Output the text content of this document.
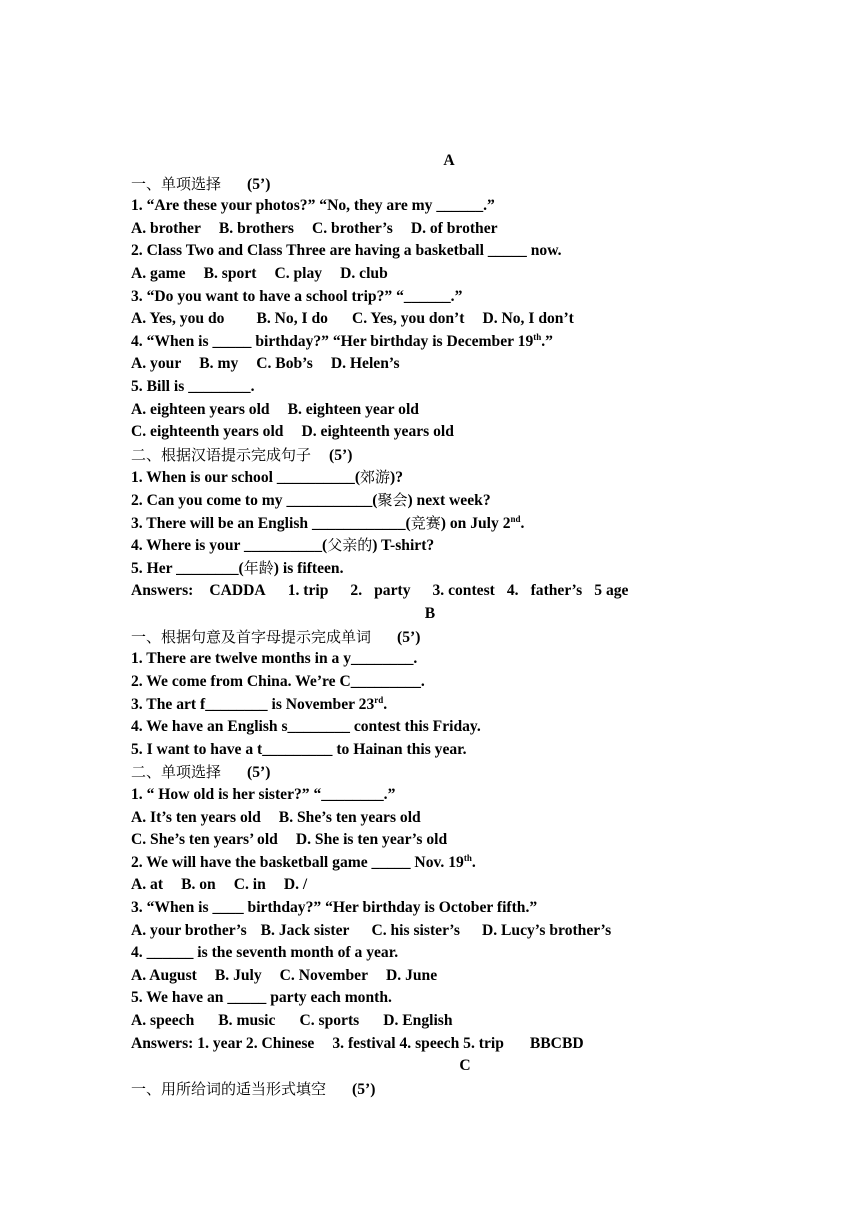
A
一、单项选择 (5’)
1. “Are these your photos?” “No, they are my ______.”
A. brother B. brothers C. brother’s D. of brother
2. Class Two and Class Three are having a basketball _____ now.
A. game B. sport C. play D. club
3. “Do you want to have a school trip?” “______.”
A. Yes, you do B. No, I do C. Yes, you don’t D. No, I don’t
4. “When is _____ birthday?” “Her birthday is December 19th.”
A. your B. my C. Bob’s D. Helen’s
5. Bill is ________.
A. eighteen years old B. eighteen year old
C. eighteenth years old D. eighteenth years old
二、根据汉语提示完成句子 (5’)
1. When is our school __________(郊游)?
2. Can you come to my ___________(聚会) next week?
3. There will be an English ____________(竞赛) on July 2nd.
4. Where is your __________(父亲的) T-shirt?
5. Her ________(年龄) is fifteen.
Answers: CADDA 1. trip 2. party 3. contest 4. father’s 5 age
B
一、根据句意及首字母提示完成单词 (5’)
1. There are twelve months in a y________.
2. We come from China. We’re C_________.
3. The art f________ is November 23rd.
4. We have an English s________ contest this Friday.
5. I want to have a t_________ to Hainan this year.
二、单项选择 (5’)
1. “ How old is her sister?” “________.”
A. It’s ten years old B. She’s ten years old
C. She’s ten years’ old D. She is ten year’s old
2. We will have the basketball game _____ Nov. 19th.
A. at B. on C. in D. /
3. “When is ____ birthday?” “Her birthday is October fifth.”
A. your brother’s B. Jack sister C. his sister’s D. Lucy’s brother’s
4. ______ is the seventh month of a year.
A. August B. July C. November D. June
5. We have an _____ party each month.
A. speech B. music C. sports D. English
Answers: 1. year 2. Chinese 3. festival 4. speech 5. trip BBCBD
C
一、用所给词的适当形式填空 (5’)
